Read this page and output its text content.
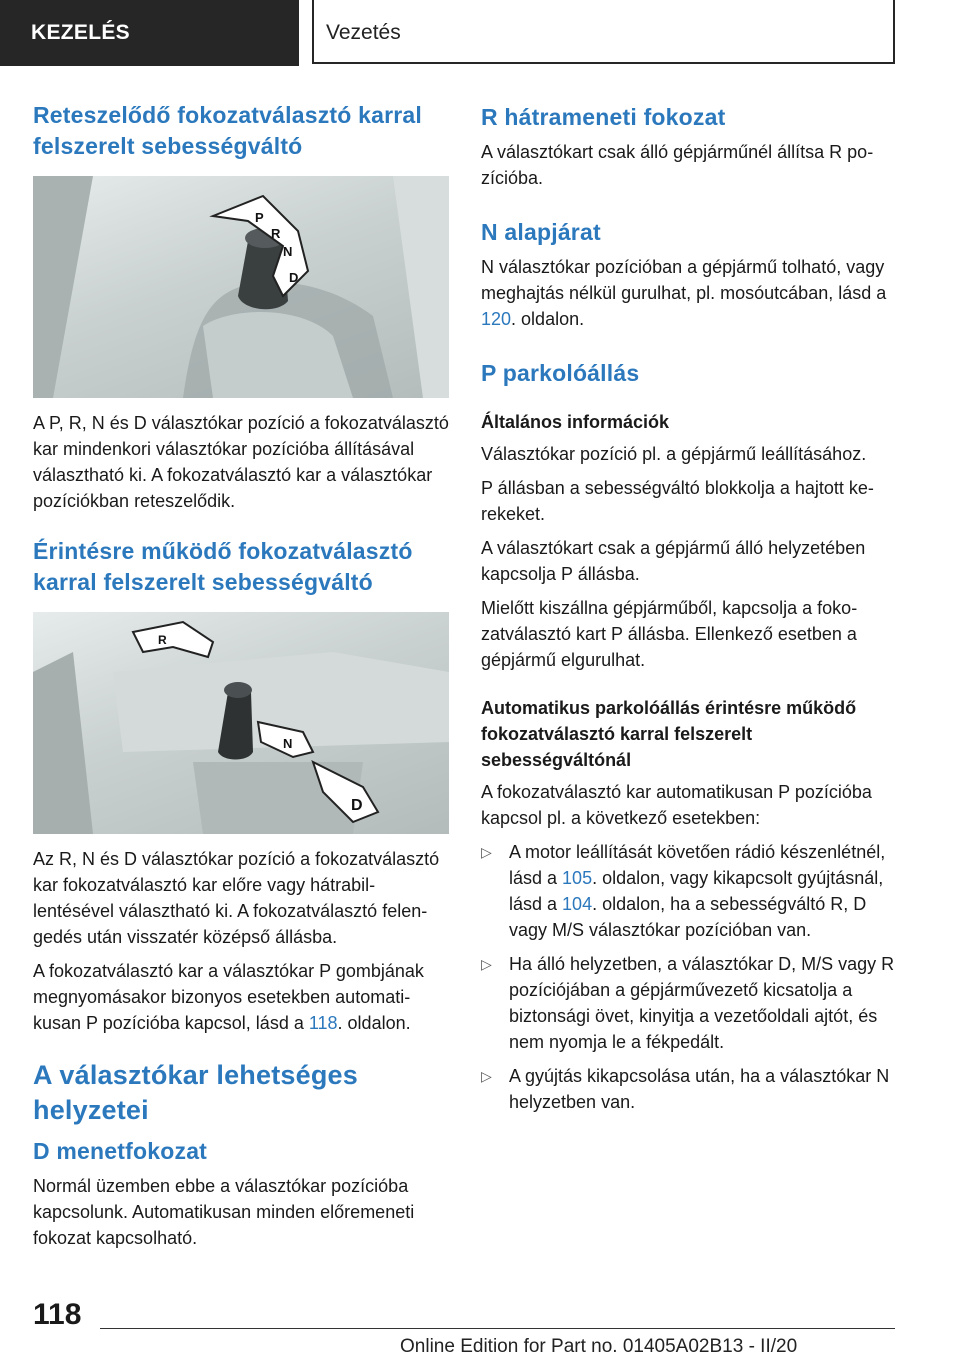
KEZELÉS	Vezetés
Reteszelődő fokozatválasztó karral felszerelt sebességváltó
P
R
N
D

A P, R, N és D választókar pozíció a fokozatválasztó kar mindenkori választókar pozícióba állításával választható ki. A fokozatválasztó kar a választókar pozíciókban reteszelődik.

Érintésre működő fokozatválasztó karral felszerelt sebességváltó
R
N
D

Az R, N és D választókar pozíció a fokozatválasztó kar fokozatválasztó kar előre vagy hátrabillentésével választható ki. A fokozatválasztó felengedés után visszatér középső állásba.

A fokozatválasztó kar a választókar P gombjának megnyomásakor bizonyos esetekben automatikusan P pozícióba kapcsol, lásd a 118. oldalon.

A választókar lehetséges helyzetei
D menetfokozat

Normál üzemben ebbe a választókar pozícióba kapcsolunk. Automatikusan minden előremeneti fokozat kapcsolható.

R hátrameneti fokozat

A választókart csak álló gépjárműnél állítsa R pozícióba.

N alapjárat

N választókar pozícióban a gépjármű tolható, vagy meghajtás nélkül gurulhat, pl. mosóutcában, lásd a 120. oldalon.

P parkolóállás
Általános információk

Választókar pozíció pl. a gépjármű leállításához.

P állásban a sebességváltó blokkolja a hajtott kerekeket.

A választókart csak a gépjármű álló helyzetében kapcsolja P állásba.

Mielőtt kiszállna gépjárműből, kapcsolja a fokozatválasztó kart P állásba. Ellenkező esetben a gépjármű elgurulhat.

Automatikus parkolóállás érintésre működő fokozatválasztó karral felszerelt sebességváltónál

A fokozatválasztó kar automatikusan P pozícióba kapcsol pl. a következő esetekben:

▷ A motor leállítását követően rádió készenlétnél, lásd a 105. oldalon, vagy kikapcsolt gyújtásnál, lásd a 104. oldalon, ha a sebességváltó R, D vagy M/S választókar pozícióban van.
▷ Ha álló helyzetben, a választókar D, M/S vagy R pozíciójában a gépjárművezető kicsatolja a biztonsági övet, kinyitja a vezetőoldali ajtót, és nem nyomja le a fékpedált.
▷ A gyújtás kikapcsolása után, ha a választókar N helyzetben van.
118
Online Edition for Part no. 01405A02B13 - II/20
